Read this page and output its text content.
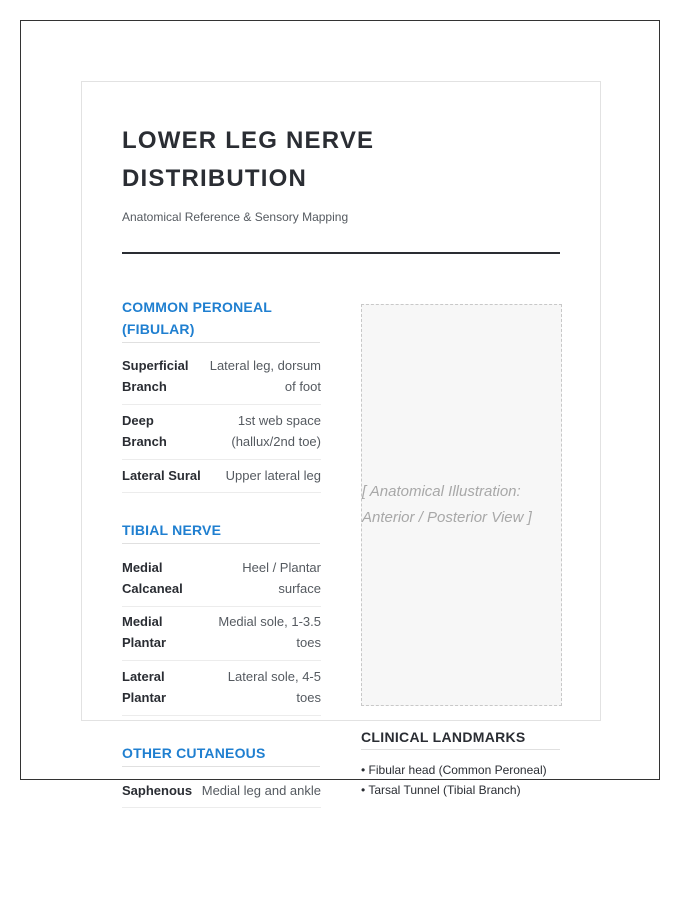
LOWER LEG NERVE DISTRIBUTION
Anatomical Reference & Sensory Mapping
COMMON PERONEAL (FIBULAR)
Superficial Branch
Lateral leg, dorsum of foot
Deep Branch
1st web space (hallux/2nd toe)
Lateral Sural Upper lateral leg
TIBIAL NERVE
Medial Calcaneal
Heel / Plantar surface
Medial Plantar
Medial sole, 1-3.5 toes
Lateral Plantar
Lateral sole, 4-5 toes
OTHER CUTANEOUS
Saphenous Medial leg and ankle
[ Anatomical Illustration: Anterior / Posterior View ]
CLINICAL LANDMARKS
• Fibular head (Common Peroneal)
• Tarsal Tunnel (Tibial Branch)
